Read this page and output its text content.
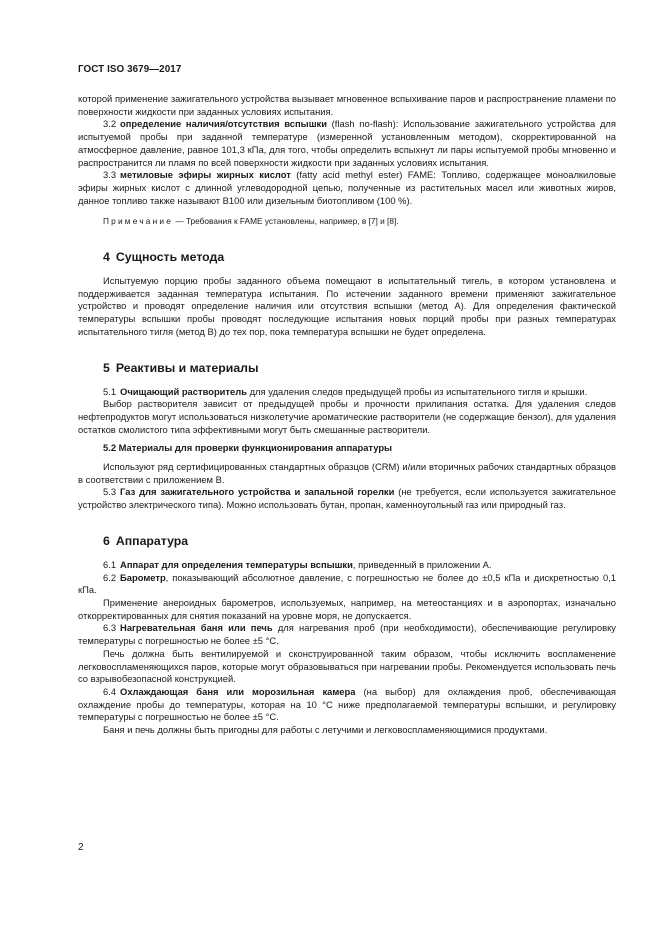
ГОСТ ISO 3679—2017

которой применение зажигательного устройства вызывает мгновенное вспыхивание паров и распространение пламени по поверхности жидкости при заданных условиях испытания.

3.2 определение наличия/отсутствия вспышки (flash no-flash): Использование зажигательного устройства для испытуемой пробы при заданной температуре (измеренной установленным методом), скорректированной на атмосферное давление, равное 101,3 кПа, для того, чтобы определить вспыхнут ли пары испытуемой пробы мгновенно и распространится ли пламя по всей поверхности жидкости при заданных условиях испытания.

3.3 метиловые эфиры жирных кислот (fatty acid methyl ester) FAME: Топливо, содержащее моноалкиловые эфиры жирных кислот с длинной углеводородной цепью, полученные из растительных масел или животных жиров, данное топливо также называют B100 или дизельным биотопливом (100 %).

Примечание — Требования к FAME установлены, например, в [7] и [8].

4 Сущность метода

Испытуемую порцию пробы заданного объема помещают в испытательный тигель, в котором установлена и поддерживается заданная температура испытания. По истечении заданного времени применяют зажигательное устройство и проводят определение наличия или отсутствия вспышки (метод А). Для определения фактической температуры вспышки пробы проводят последующие испытания новых порций пробы при разных температурах испытательного тигля (метод В) до тех пор, пока температура вспышки не будет определена.

5 Реактивы и материалы

5.1 Очищающий растворитель для удаления следов предыдущей пробы из испытательного тигля и крышки.

Выбор растворителя зависит от предыдущей пробы и прочности прилипания остатка. Для удаления следов нефтепродуктов могут использоваться низколетучие ароматические растворители (не содержащие бензол), для удаления остатков смолистого типа эффективными могут быть смешанные растворители.

5.2 Материалы для проверки функционирования аппаратуры

Используют ряд сертифицированных стандартных образцов (CRM) и/или вторичных рабочих стандартных образцов в соответствии с приложением В.

5.3 Газ для зажигательного устройства и запальной горелки (не требуется, если используется зажигательное устройство электрического типа). Можно использовать бутан, пропан, каменноугольный газ или природный газ.

6 Аппаратура

6.1 Аппарат для определения температуры вспышки, приведенный в приложении А.

6.2 Барометр, показывающий абсолютное давление, с погрешностью не более до ±0,5 кПа и дискретностью 0,1 кПа.

Применение анероидных барометров, используемых, например, на метеостанциях и в аэропортах, изначально откорректированных для снятия показаний на уровне моря, не допускается.

6.3 Нагревательная баня или печь для нагревания проб (при необходимости), обеспечивающие регулировку температуры с погрешностью не более ±5 °С.

Печь должна быть вентилируемой и сконструированной таким образом, чтобы исключить воспламенение легковоспламеняющихся паров, которые могут образовываться при нагревании пробы. Рекомендуется использовать печь со взрывобезопасной конструкцией.

6.4 Охлаждающая баня или морозильная камера (на выбор) для охлаждения проб, обеспечивающая охлаждение пробы до температуры, которая на 10 °С ниже предполагаемой температуры вспышки, и регулировку температуры с погрешностью не более ±5 °С.

Баня и печь должны быть пригодны для работы с летучими и легковоспламеняющимися продуктами.

2
